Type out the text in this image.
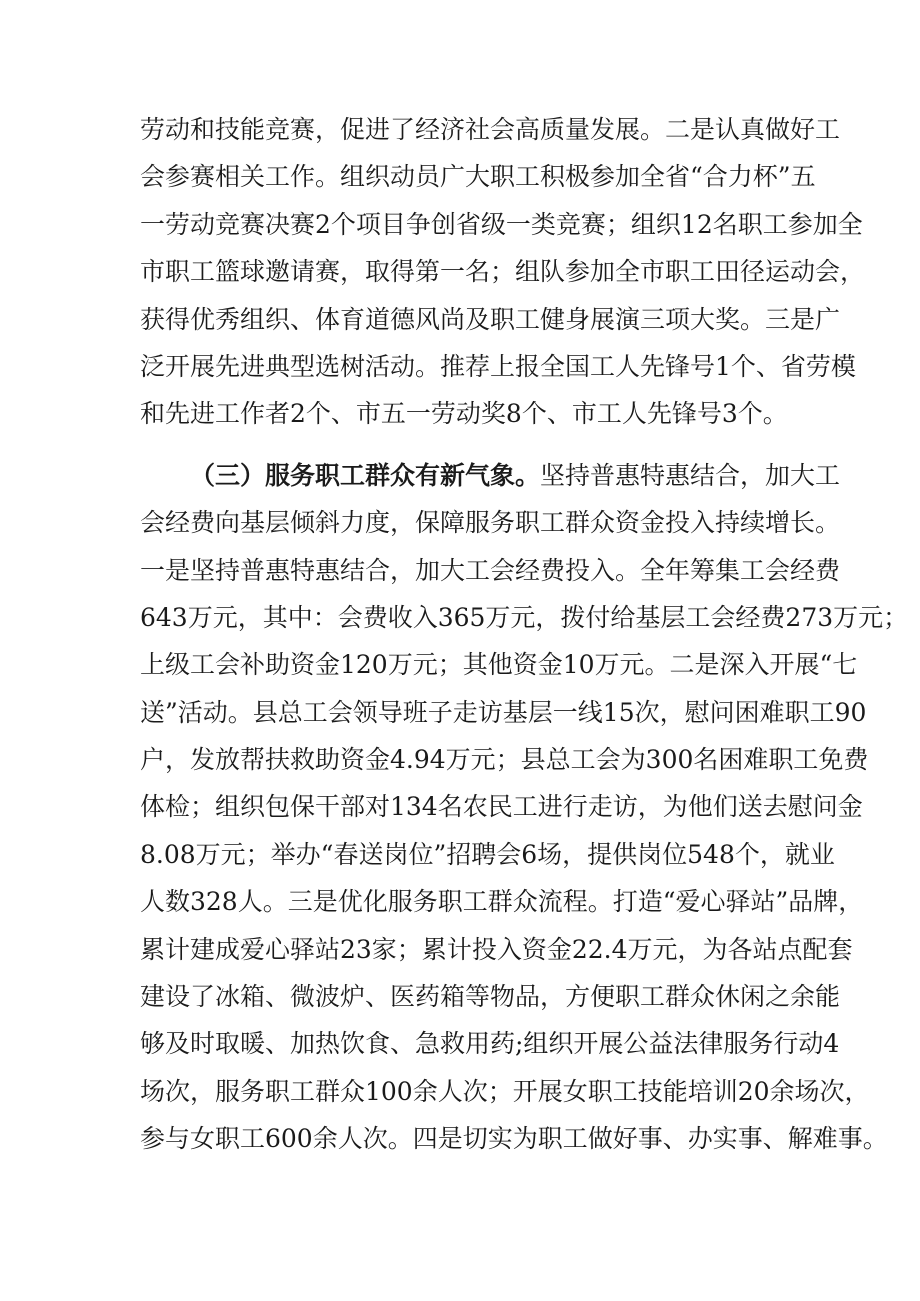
劳动和技能竞赛，促进了经济社会高质量发展。二是认真做好工
会参赛相关工作。组织动员广大职工积极参加全省“合力杯”五
一劳动竞赛决赛2个项目争创省级一类竞赛；组织12名职工参加全
市职工篮球邀请赛，取得第一名；组队参加全市职工田径运动会，
获得优秀组织、体育道德风尚及职工健身展演三项大奖。三是广
泛开展先进典型选树活动。推荐上报全国工人先锋号1个、省劳模
和先进工作者2个、市五一劳动奖8个、市工人先锋号3个。
（三）服务职工群众有新气象。坚持普惠特惠结合，加大工
会经费向基层倾斜力度，保障服务职工群众资金投入持续增长。
一是坚持普惠特惠结合，加大工会经费投入。全年筹集工会经费
643万元，其中：会费收入365万元，拨付给基层工会经费273万元；
上级工会补助资金120万元；其他资金10万元。二是深入开展“七
送”活动。县总工会领导班子走访基层一线15次，慰问困难职工90
户，发放帮扶救助资金4.94万元；县总工会为300名困难职工免费
体检；组织包保干部对134名农民工进行走访，为他们送去慰问金
8.08万元；举办“春送岗位”招聘会6场，提供岗位548个，就业
人数328人。三是优化服务职工群众流程。打造“爱心驿站”品牌，
累计建成爱心驿站23家；累计投入资金22.4万元，为各站点配套
建设了冰箱、微波炉、医药箱等物品，方便职工群众休闲之余能
够及时取暖、加热饮食、急救用药;组织开展公益法律服务行动4
场次，服务职工群众100余人次；开展女职工技能培训20余场次，
参与女职工600余人次。四是切实为职工做好事、办实事、解难事。
